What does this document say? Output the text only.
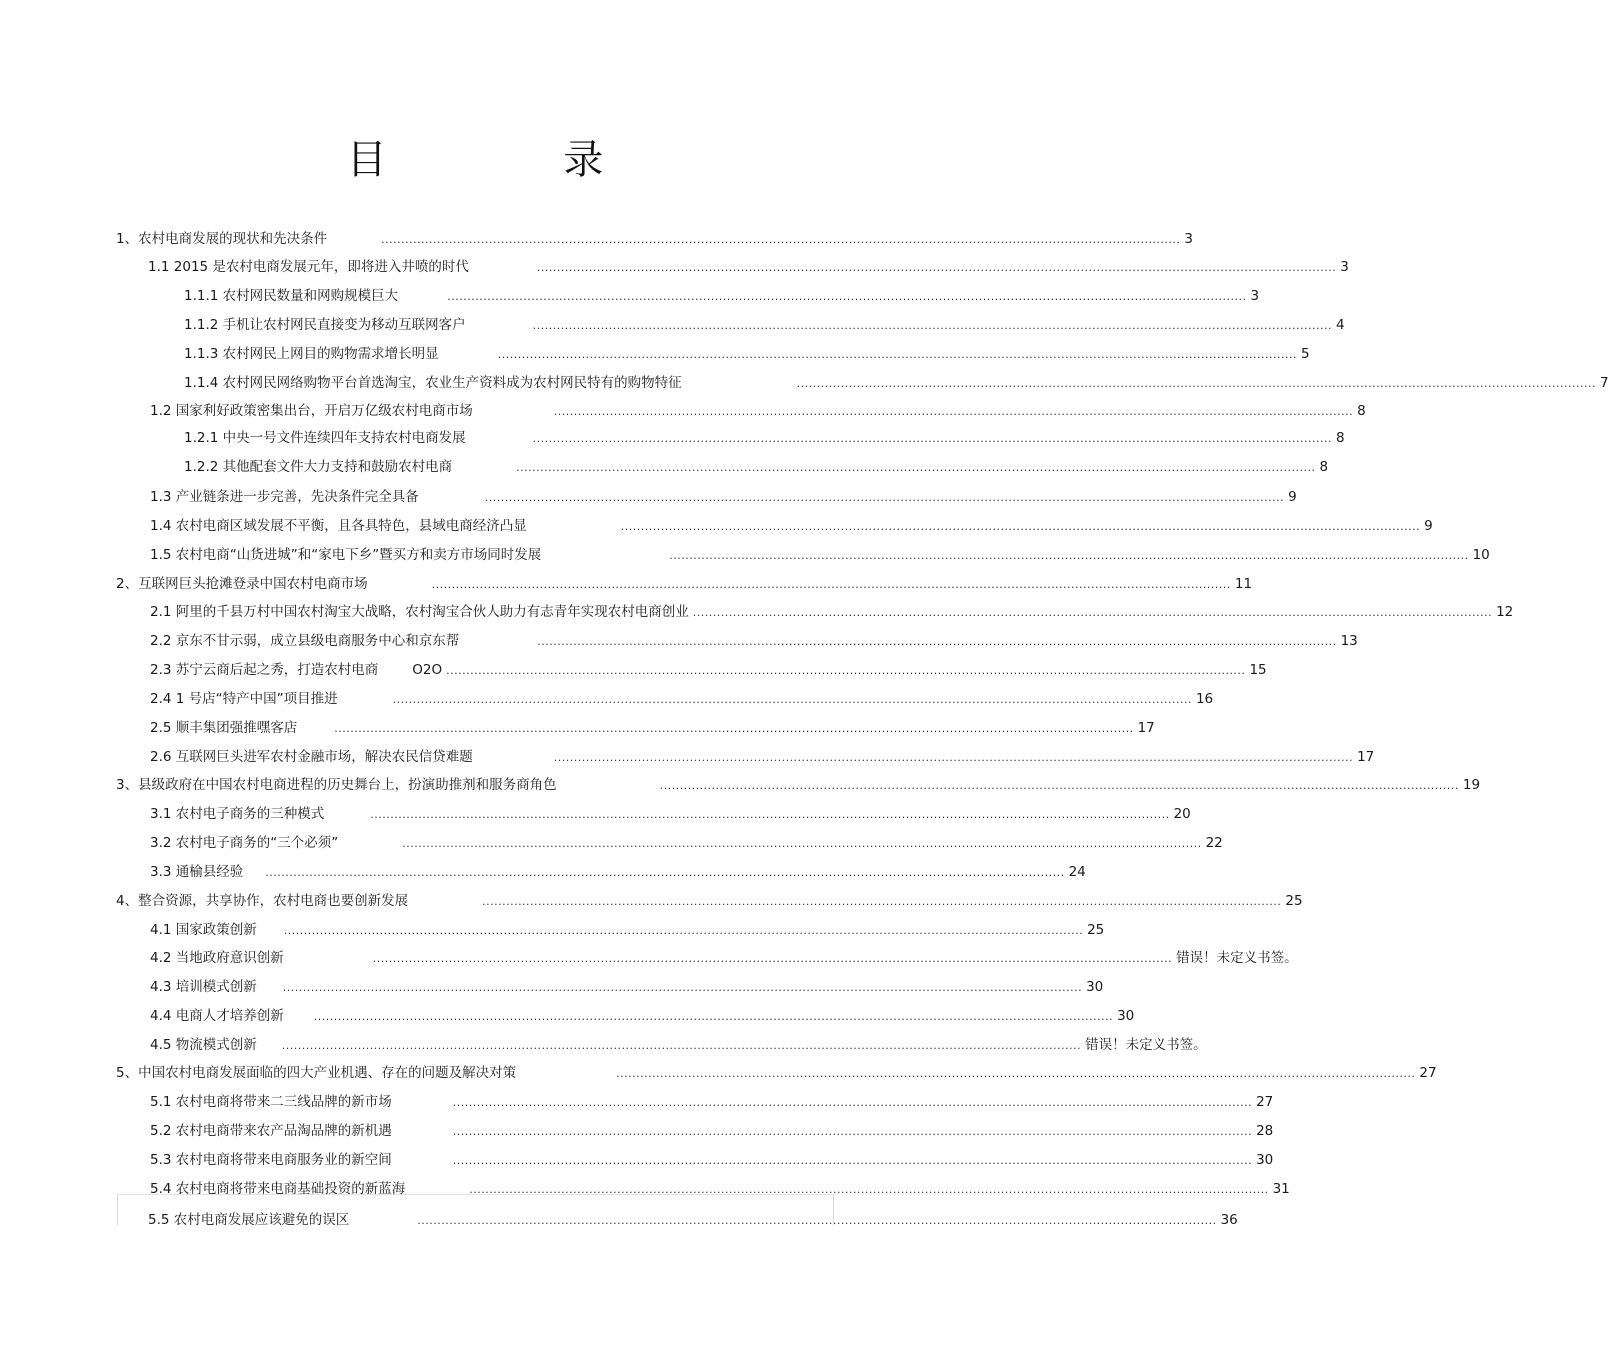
目 录
1、农村电商发展的现状和先决条件	........................................................................................................................................................................................................ 3
1.1 2015 是农村电商发展元年，即将进入井喷的时代	........................................................................................................................................................................................................ 3
1.1.1 农村网民数量和网购规模巨大	........................................................................................................................................................................................................ 3
1.1.2 手机让农村网民直接变为移动互联网客户	........................................................................................................................................................................................................ 4
1.1.3 农村网民上网目的购物需求增长明显	........................................................................................................................................................................................................ 5
1.1.4 农村网民网络购物平台首选淘宝，农业生产资料成为农村网民特有的购物特征	........................................................................................................................................................................................................ 7
1.2 国家利好政策密集出台，开启万亿级农村电商市场	........................................................................................................................................................................................................ 8
1.2.1 中央一号文件连续四年支持农村电商发展	........................................................................................................................................................................................................ 8
1.2.2 其他配套文件大力支持和鼓励农村电商	........................................................................................................................................................................................................ 8
1.3 产业链条进一步完善，先决条件完全具备	........................................................................................................................................................................................................ 9
1.4 农村电商区域发展不平衡，且各具特色，县域电商经济凸显	........................................................................................................................................................................................................ 9
1.5 农村电商“山货进城”和“家电下乡”暨买方和卖方市场同时发展	........................................................................................................................................................................................................ 10
2、互联网巨头抢滩登录中国农村电商市场	........................................................................................................................................................................................................ 11
2.1 阿里的千县万村中国农村淘宝大战略，农村淘宝合伙人助力有志青年实现农村电商创业 ........................................................................................................................................................................................................ 12
2.2 京东不甘示弱，成立县级电商服务中心和京东帮	........................................................................................................................................................................................................ 13
2.3 苏宁云商后起之秀，打造农村电商	O2O ........................................................................................................................................................................................................ 15
2.4 1 号店“特产中国”项目推进	........................................................................................................................................................................................................ 16
2.5 顺丰集团强推嘿客店	........................................................................................................................................................................................................ 17
2.6 互联网巨头进军农村金融市场，解决农民信贷难题	........................................................................................................................................................................................................ 17
3、县级政府在中国农村电商进程的历史舞台上，扮演助推剂和服务商角色	........................................................................................................................................................................................................ 19
3.1 农村电子商务的三种模式	........................................................................................................................................................................................................ 20
3.2 农村电子商务的“三个必须”	........................................................................................................................................................................................................ 22
3.3 通榆县经验 ........................................................................................................................................................................................................ 24
4、整合资源，共享协作，农村电商也要创新发展	........................................................................................................................................................................................................ 25
4.1 国家政策创新 ........................................................................................................................................................................................................ 25
4.2 当地政府意识创新	........................................................................................................................................................................................................ 错误！未定义书签。
4.3 培训模式创新 ........................................................................................................................................................................................................ 30
4.4 电商人才培养创新	........................................................................................................................................................................................................ 30
4.5 物流模式创新 ........................................................................................................................................................................................................ 错误！未定义书签。
5、中国农村电商发展面临的四大产业机遇、存在的问题及解决对策	........................................................................................................................................................................................................ 27
5.1 农村电商将带来二三线品牌的新市场	........................................................................................................................................................................................................ 27
5.2 农村电商带来农产品淘品牌的新机遇	........................................................................................................................................................................................................ 28
5.3 农村电商将带来电商服务业的新空间	........................................................................................................................................................................................................ 30
5.4 农村电商将带来电商基础投资的新蓝海	........................................................................................................................................................................................................ 31
5.5 农村电商发展应该避免的误区	........................................................................................................................................................................................................ 36
